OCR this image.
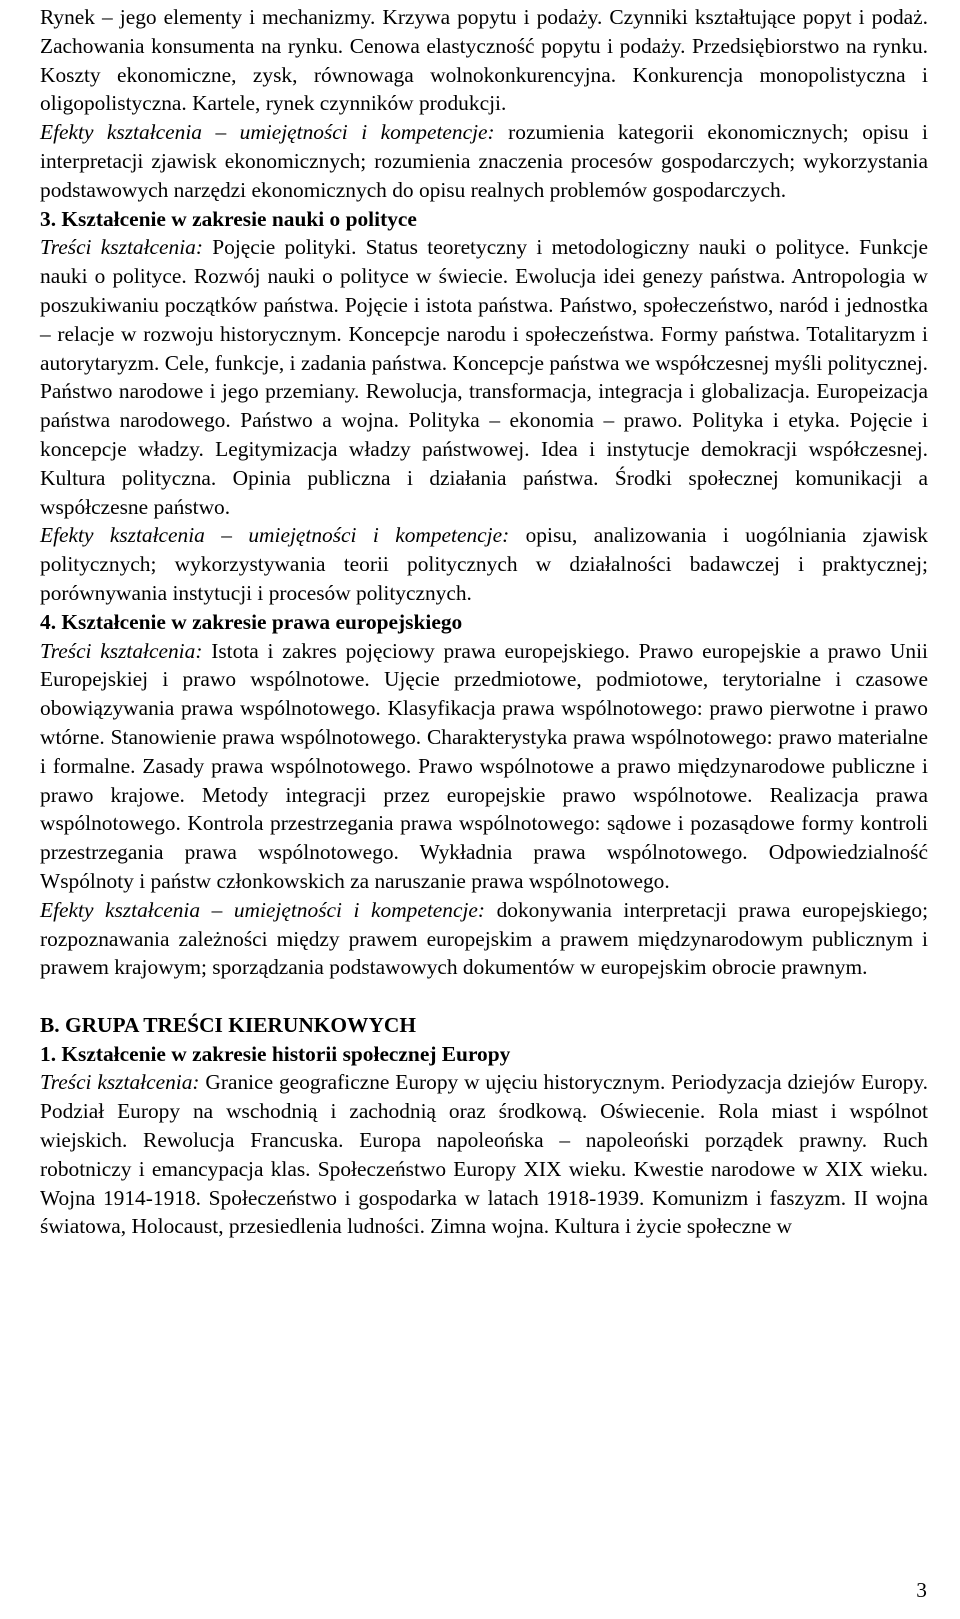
Rynek – jego elementy i mechanizmy. Krzywa popytu i podaży. Czynniki kształtujące popyt i podaż. Zachowania konsumenta na rynku. Cenowa elastyczność popytu i podaży. Przedsiębiorstwo na rynku. Koszty ekonomiczne, zysk, równowaga wolnokonkurencyjna. Konkurencja monopolistyczna i oligopolistyczna. Kartele, rynek czynników produkcji.

Efekty kształcenia – umiejętności i kompetencje: rozumienia kategorii ekonomicznych; opisu i interpretacji zjawisk ekonomicznych; rozumienia znaczenia procesów gospodarczych; wykorzystania podstawowych narzędzi ekonomicznych do opisu realnych problemów gospodarczych.

3. Kształcenie w zakresie nauki o polityce

Treści kształcenia: Pojęcie polityki. Status teoretyczny i metodologiczny nauki o polityce. Funkcje nauki o polityce. Rozwój nauki o polityce w świecie. Ewolucja idei genezy państwa. Antropologia w poszukiwaniu początków państwa. Pojęcie i istota państwa. Państwo, społeczeństwo, naród i jednostka – relacje w rozwoju historycznym. Koncepcje narodu i społeczeństwa. Formy państwa. Totalitaryzm i autorytaryzm. Cele, funkcje, i zadania państwa. Koncepcje państwa we współczesnej myśli politycznej. Państwo narodowe i jego przemiany. Rewolucja, transformacja, integracja i globalizacja. Europeizacja państwa narodowego. Państwo a wojna. Polityka – ekonomia – prawo. Polityka i etyka. Pojęcie i koncepcje władzy. Legitymizacja władzy państwowej. Idea i instytucje demokracji współczesnej. Kultura polityczna. Opinia publiczna i działania państwa. Środki społecznej komunikacji a współczesne państwo.

Efekty kształcenia – umiejętności i kompetencje: opisu, analizowania i uogólniania zjawisk politycznych; wykorzystywania teorii politycznych w działalności badawczej i praktycznej; porównywania instytucji i procesów politycznych.

4. Kształcenie w zakresie prawa europejskiego

Treści kształcenia: Istota i zakres pojęciowy prawa europejskiego. Prawo europejskie a prawo Unii Europejskiej i prawo wspólnotowe. Ujęcie przedmiotowe, podmiotowe, terytorialne i czasowe obowiązywania prawa wspólnotowego. Klasyfikacja prawa wspólnotowego: prawo pierwotne i prawo wtórne. Stanowienie prawa wspólnotowego. Charakterystyka prawa wspólnotowego: prawo materialne i formalne. Zasady prawa wspólnotowego. Prawo wspólnotowe a prawo międzynarodowe publiczne i prawo krajowe. Metody integracji przez europejskie prawo wspólnotowe. Realizacja prawa wspólnotowego. Kontrola przestrzegania prawa wspólnotowego: sądowe i pozasądowe formy kontroli przestrzegania prawa wspólnotowego. Wykładnia prawa wspólnotowego. Odpowiedzialność Wspólnoty i państw członkowskich za naruszanie prawa wspólnotowego.

Efekty kształcenia – umiejętności i kompetencje: dokonywania interpretacji prawa europejskiego; rozpoznawania zależności między prawem europejskim a prawem międzynarodowym publicznym i prawem krajowym; sporządzania podstawowych dokumentów w europejskim obrocie prawnym.

B. GRUPA TREŚCI KIERUNKOWYCH
1. Kształcenie w zakresie historii społecznej Europy

Treści kształcenia: Granice geograficzne Europy w ujęciu historycznym. Periodyzacja dziejów Europy. Podział Europy na wschodnią i zachodnią oraz środkową. Oświecenie. Rola miast i wspólnot wiejskich. Rewolucja Francuska. Europa napoleońska – napoleoński porządek prawny. Ruch robotniczy i emancypacja klas. Społeczeństwo Europy XIX wieku. Kwestie narodowe w XIX wieku. Wojna 1914-1918. Społeczeństwo i gospodarka w latach 1918-1939. Komunizm i faszyzm. II wojna światowa, Holocaust, przesiedlenia ludności. Zimna wojna. Kultura i życie społeczne w

3
